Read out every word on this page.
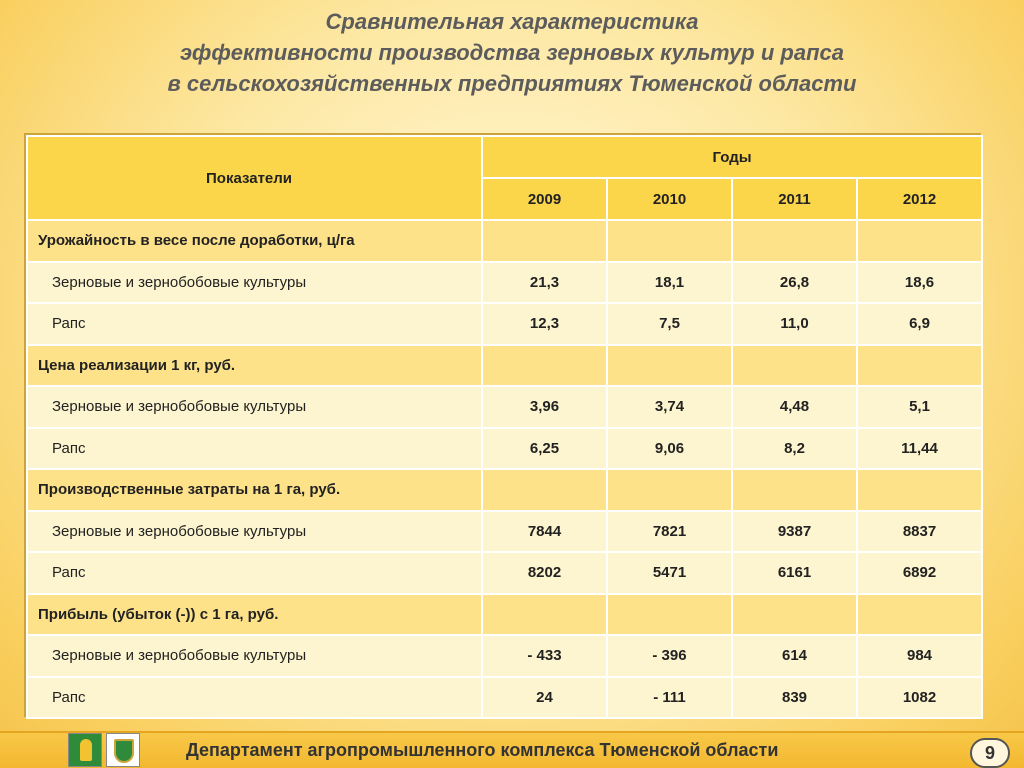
Сравнительная характеристика
эффективности производства зерновых культур и рапса
в сельскохозяйственных предприятиях Тюменской области
Показатели	Годы			
	2009	2010	2011	2012
Урожайность в весе после доработки, ц/га				
Зерновые и зернобобовые культуры	21,3	18,1	26,8	18,6
Рапс	12,3	7,5	11,0	6,9
Цена реализации 1 кг, руб.				
Зерновые и зернобобовые культуры	3,96	3,74	4,48	5,1
Рапс	6,25	9,06	8,2	11,44
Производственные затраты на 1 га, руб.				
Зерновые и зернобобовые культуры	7844	7821	9387	8837
Рапс	8202	5471	6161	6892
Прибыль (убыток (-)) с 1 га, руб.				
Зерновые и зернобобовые культуры	- 433	- 396	614	984
Рапс	24	- 111	839	1082
Департамент агропромышленного комплекса Тюменской области	9
